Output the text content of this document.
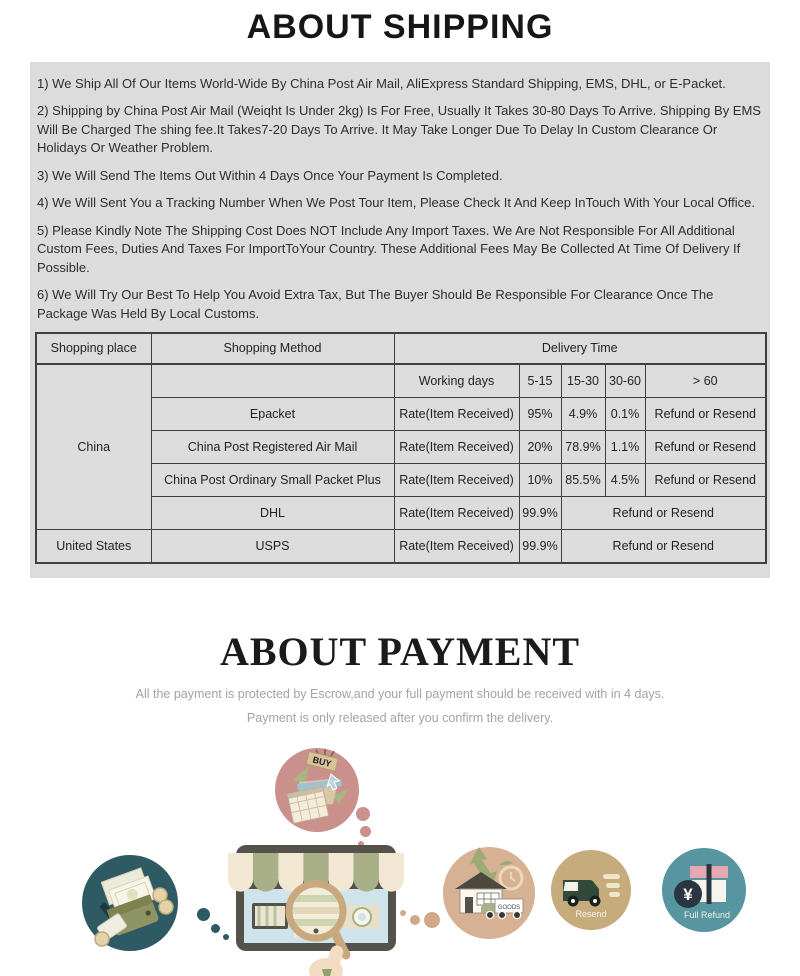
ABOUT SHIPPING

1) We Ship All Of Our Items World-Wide By China Post Air Mail, AliExpress Standard Shipping, EMS, DHL, or E-Packet.

2) Shipping by China Post Air Mail (Weiqht Is Under 2kg) Is For Free, Usually It Takes 30-80 Days To Arrive. Shipping By EMS Will Be Charged The shing fee.It Takes7-20 Days To Arrive. It May Take Longer Due To Delay In Custom Clearance Or Holidays Or Weather Problem.

3) We Will Send The Items Out Within 4 Days Once Your Payment Is Completed.

4) We Will Sent You a Tracking Number When We Post Tour Item, Please Check It And Keep InTouch With Your Local Office.

5) Please Kindly Note The Shipping Cost Does NOT Include Any Import Taxes. We Are Not Responsible For All Additional Custom Fees, Duties And Taxes For ImportToYour Country. These Additional Fees May Be Collected At Time Of Delivery If Possible.

6) We Will Try Our Best To Help You Avoid Extra Tax, But The Buyer Should Be Responsible For Clearance Once The Package Was Held By Local Customs.

Shopping place	Shopping Method	Delivery Time				
China		Working days	5-15	15-30	30-60	> 60
	Epacket	Rate(Item Received)	95%	4.9%	0.1%	Refund or Resend
	China Post Registered Air Mail	Rate(Item Received)	20%	78.9%	1.1%	Refund or Resend
	China Post Ordinary Small Packet Plus	Rate(Item Received)	10%	85.5%	4.5%	Refund or Resend
	DHL	Rate(Item Received)	99.9%	Refund or Resend		
United States	USPS	Rate(Item Received)	99.9%	Refund or Resend		
ABOUT PAYMENT

All the payment is protected by Escrow,and your full payment should be received with in 4 days.
Payment is only released after you confirm the delivery.

BUY
GOODS
Resend
¥
Full Refund
